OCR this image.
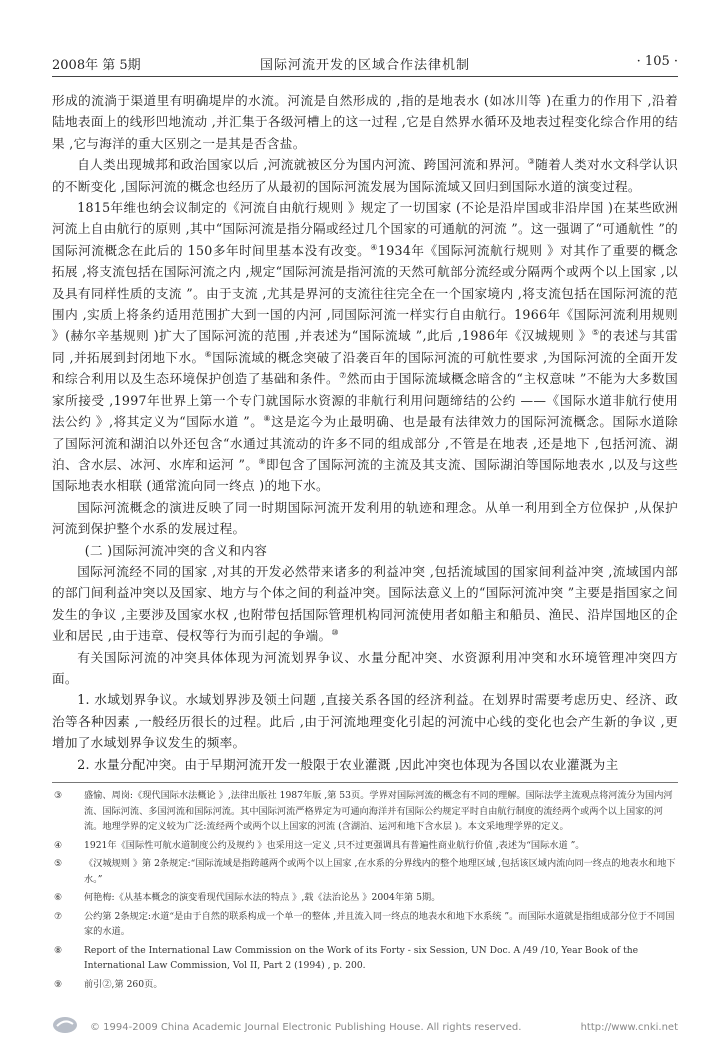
2008年 第 5期	国际河流开发的区域合作法律机制	· 105 ·

形成的流淌于渠道里有明确堤岸的水流。河流是自然形成的 ,指的是地表水 (如冰川等 )在重力的作用下 ,沿着陆地表面上的线形凹地流动 ,并汇集于各级河槽上的这一过程 ,它是自然界水循环及地表过程变化综合作用的结果 ,它与海洋的重大区别之一是其是否含盐。

自人类出现城邦和政治国家以后 ,河流就被区分为国内河流、跨国河流和界河。③随着人类对水文科学认识的不断变化 ,国际河流的概念也经历了从最初的国际河流发展为国际流域又回归到国际水道的演变过程。

1815年维也纳会议制定的《河流自由航行规则 》规定了一切国家 (不论是沿岸国或非沿岸国 )在某些欧洲河流上自由航行的原则 ,其中“国际河流是指分隔或经过几个国家的可通航的河流 ”。这一强调了“可通航性 ”的国际河流概念在此后的 150多年时间里基本没有改变。④1934年《国际河流航行规则 》对其作了重要的概念拓展 ,将支流包括在国际河流之内 ,规定“国际河流是指河流的天然可航部分流经或分隔两个或两个以上国家 ,以及具有同样性质的支流 ”。由于支流 ,尤其是界河的支流往往完全在一个国家境内 ,将支流包括在国际河流的范围内 ,实质上将条约适用范围扩大到一国的内河 ,同国际河流一样实行自由航行。1966年《国际河流利用规则 》(赫尔辛基规则 )扩大了国际河流的范围 ,并表述为“国际流域 ”,此后 ,1986年《汉城规则 》⑤的表述与其雷同 ,并拓展到封闭地下水。⑥国际流域的概念突破了沿袭百年的国际河流的可航性要求 ,为国际河流的全面开发和综合利用以及生态环境保护创造了基础和条件。⑦然而由于国际流域概念暗含的“主权意味 ”不能为大多数国家所接受 ,1997年世界上第一个专门就国际水资源的非航行利用问题缔结的公约 ——《国际水道非航行使用法公约 》,将其定义为“国际水道 ”。⑧这是迄今为止最明确、也是最有法律效力的国际河流概念。国际水道除了国际河流和湖泊以外还包含“水通过其流动的许多不同的组成部分 ,不管是在地表 ,还是地下 ,包括河流、湖泊、含水层、冰河、水库和运河 ”。⑨即包含了国际河流的主流及其支流、国际湖泊等国际地表水 ,以及与这些国际地表水相联 (通常流向同一终点 )的地下水。

国际河流概念的演进反映了同一时期国际河流开发利用的轨迹和理念。从单一利用到全方位保护 ,从保护河流到保护整个水系的发展过程。

(二 )国际河流冲突的含义和内容

国际河流经不同的国家 ,对其的开发必然带来诸多的利益冲突 ,包括流域国的国家间利益冲突 ,流域国内部的部门间利益冲突以及国家、地方与个体之间的利益冲突。国际法意义上的“国际河流冲突 ”主要是指国家之间发生的争议 ,主要涉及国家水权 ,也附带包括国际管理机构同河流使用者如船主和船员、渔民、沿岸国地区的企业和居民 ,由于违章、侵权等行为而引起的争端。⑩

有关国际河流的冲突具体体现为河流划界争议、水量分配冲突、水资源利用冲突和水环境管理冲突四方面。

1. 水域划界争议。水域划界涉及领土问题 ,直接关系各国的经济利益。在划界时需要考虑历史、经济、政治等各种因素 ,一般经历很长的过程。此后 ,由于河流地理变化引起的河流中心线的变化也会产生新的争议 ,更增加了水域划界争议发生的频率。

2. 水量分配冲突。由于早期河流开发一般限于农业灌溉 ,因此冲突也体现为各国以农业灌溉为主

③ 盛愉、周岗:《现代国际水法概论 》,法律出版社 1987年版 ,第 53页。学界对国际河流的概念有不同的理解。国际法学主流观点将河流分为国内河流、国际河流、多国河流和国际河流。其中国际河流严格界定为可通向海洋并有国际公约规定平时自由航行制度的流经两个或两个以上国家的河流。地理学界的定义较为广泛:流经两个或两个以上国家的河流 (含湖泊、运河和地下含水层 )。本文采地理学界的定义。
④ 1921年《国际性可航水道制度公约及规约 》也采用这一定义 ,只不过更强调具有普遍性商业航行价值 ,表述为“国际水道 ”。
⑤ 《汉城规则 》第 2条规定:“国际流域是指跨越两个或两个以上国家 ,在水系的分界线内的整个地理区域 ,包括该区域内流向同一终点的地表水和地下水。”
⑥ 何艳梅:《从基本概念的演变看现代国际水法的特点 》,载《法治论丛 》2004年第 5期。
⑦ 公约第 2条规定:水道“是由于自然的联系构成一个单一的整体 ,并且流入同一终点的地表水和地下水系统 ”。而国际水道就是指组成部分位于不同国家的水道。
⑧ Report of the International Law Commission on the Work of its Forty - six Session, UN Doc. A /49 /10, Year Book of the International Law Commission, Vol II, Part 2 (1994) , p. 200.
⑨ 前引②,第 260页。
© 1994-2009 China Academic Journal Electronic Publishing House. All rights reserved.	http://www.cnki.net
